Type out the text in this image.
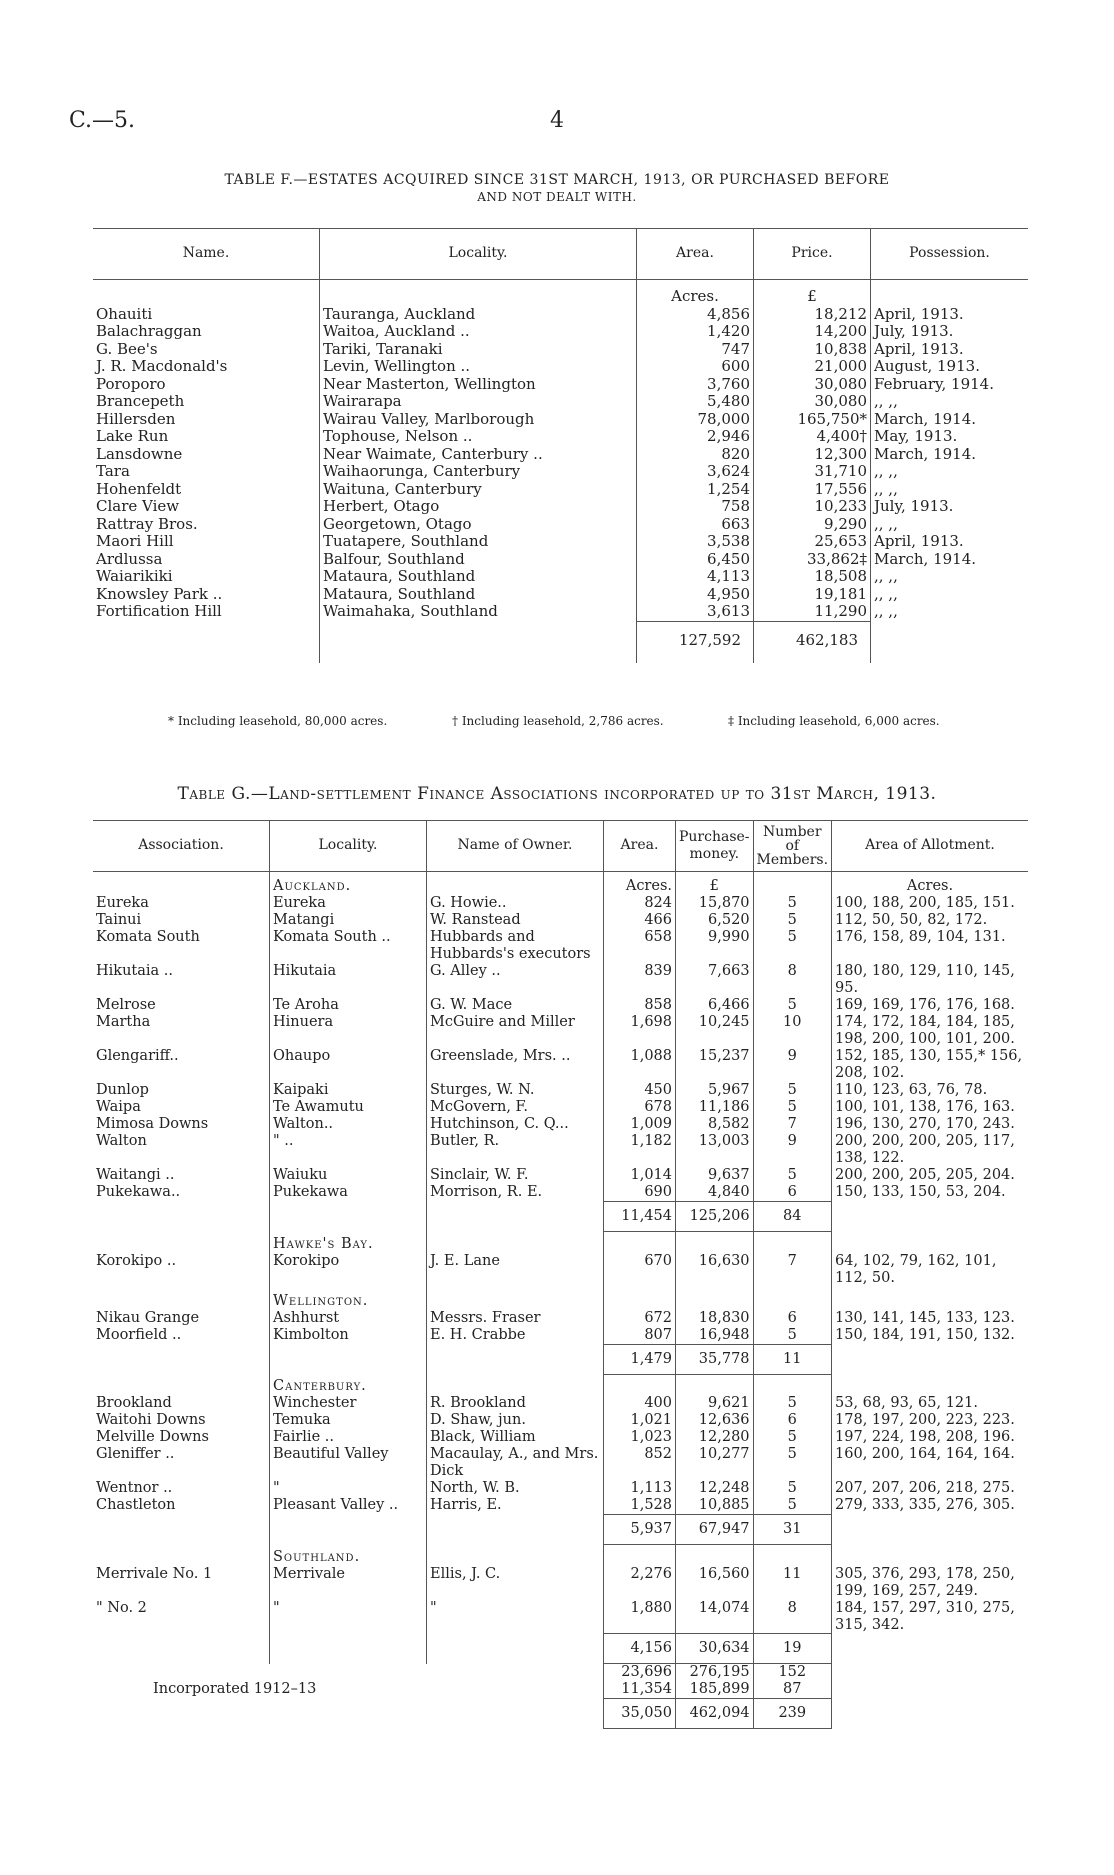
C.—5.	4
TABLE F.—ESTATES ACQUIRED SINCE 31ST MARCH, 1913, OR PURCHASED BEFORE
AND NOT DEALT WITH.
Name.	Locality.	Area.	Price.	Possession.
		Acres.	£	
Ohauiti	Tauranga, Auckland	4,856	18,212	April, 1913.
Balachraggan	Waitoa, Auckland ..	1,420	14,200	July, 1913.
G. Bee's	Tariki, Taranaki	747	10,838	April, 1913.
J. R. Macdonald's	Levin, Wellington ..	600	21,000	August, 1913.
Poroporo	Near Masterton, Wellington	3,760	30,080	February, 1914.
Brancepeth	Wairarapa	5,480	30,080	,, ,,
Hillersden	Wairau Valley, Marlborough	78,000	165,750*	March, 1914.
Lake Run	Tophouse, Nelson ..	2,946	4,400†	May, 1913.
Lansdowne	Near Waimate, Canterbury ..	820	12,300	March, 1914.
Tara	Waihaorunga, Canterbury	3,624	31,710	,, ,,
Hohenfeldt	Waituna, Canterbury	1,254	17,556	,, ,,
Clare View	Herbert, Otago	758	10,233	July, 1913.
Rattray Bros.	Georgetown, Otago	663	9,290	,, ,,
Maori Hill	Tuatapere, Southland	3,538	25,653	April, 1913.
Ardlussa	Balfour, Southland	6,450	33,862‡	March, 1914.
Waiarikiki	Mataura, Southland	4,113	18,508	,, ,,
Knowsley Park ..	Mataura, Southland	4,950	19,181	,, ,,
Fortification Hill	Waimahaka, Southland	3,613	11,290	,, ,,
		127,592	462,183	
* Including leasehold, 80,000 acres.	† Including leasehold, 2,786 acres.	‡ Including leasehold, 6,000 acres.
Table G.—Land-settlement Finance Associations incorporated up to 31st March, 1913.
Association.	Locality.	Name of Owner.	Area.	Purchase-money.	Number of Members.	Area of Allotment.
	Auckland.		Acres.	£		Acres.
Eureka	Eureka	G. Howie..	824	15,870	5	100, 188, 200, 185, 151.
Tainui	Matangi	W. Ranstead	466	6,520	5	112, 50, 50, 82, 172.
Komata South	Komata South ..	Hubbards and Hubbards's executors	658	9,990	5	176, 158, 89, 104, 131.
Hikutaia ..	Hikutaia	G. Alley ..	839	7,663	8	180, 180, 129, 110, 145, 95.
Melrose	Te Aroha	G. W. Mace	858	6,466	5	169, 169, 176, 176, 168.
Martha	Hinuera	McGuire and Miller	1,698	10,245	10	174, 172, 184, 184, 185, 198, 200, 100, 101, 200.
Glengariff..	Ohaupo	Greenslade, Mrs. ..	1,088	15,237	9	152, 185, 130, 155,* 156, 208, 102.
Dunlop	Kaipaki	Sturges, W. N.	450	5,967	5	110, 123, 63, 76, 78.
Waipa	Te Awamutu	McGovern, F.	678	11,186	5	100, 101, 138, 176, 163.
Mimosa Downs	Walton..	Hutchinson, C. Q...	1,009	8,582	7	196, 130, 270, 170, 243.
Walton	" ..	Butler, R.	1,182	13,003	9	200, 200, 200, 205, 117, 138, 122.
Waitangi ..	Waiuku	Sinclair, W. F.	1,014	9,637	5	200, 200, 205, 205, 204.
Pukekawa..	Pukekawa	Morrison, R. E.	690	4,840	6	150, 133, 150, 53, 204.
			11,454	125,206	84	
	Hawke's Bay.					
Korokipo ..	Korokipo	J. E. Lane	670	16,630	7	64, 102, 79, 162, 101, 112, 50.
	Wellington.					
Nikau Grange	Ashhurst	Messrs. Fraser	672	18,830	6	130, 141, 145, 133, 123.
Moorfield ..	Kimbolton	E. H. Crabbe	807	16,948	5	150, 184, 191, 150, 132.
			1,479	35,778	11	
	Canterbury.					
Brookland	Winchester	R. Brookland	400	9,621	5	53, 68, 93, 65, 121.
Waitohi Downs	Temuka	D. Shaw, jun.	1,021	12,636	6	178, 197, 200, 223, 223.
Melville Downs	Fairlie ..	Black, William	1,023	12,280	5	197, 224, 198, 208, 196.
Gleniffer ..	Beautiful Valley	Macaulay, A., and Mrs. Dick	852	10,277	5	160, 200, 164, 164, 164.
Wentnor ..	"	North, W. B.	1,113	12,248	5	207, 207, 206, 218, 275.
Chastleton	Pleasant Valley ..	Harris, E.	1,528	10,885	5	279, 333, 335, 276, 305.
			5,937	67,947	31	
	Southland.					
Merrivale No. 1	Merrivale	Ellis, J. C.	2,276	16,560	11	305, 376, 293, 178, 250, 199, 169, 257, 249.
" No. 2	"	"	1,880	14,074	8	184, 157, 297, 310, 275, 315, 342.
			4,156	30,634	19	
			23,696	276,195	152	
Incorporated 1912–13			11,354	185,899	87	
			35,050	462,094	239	
